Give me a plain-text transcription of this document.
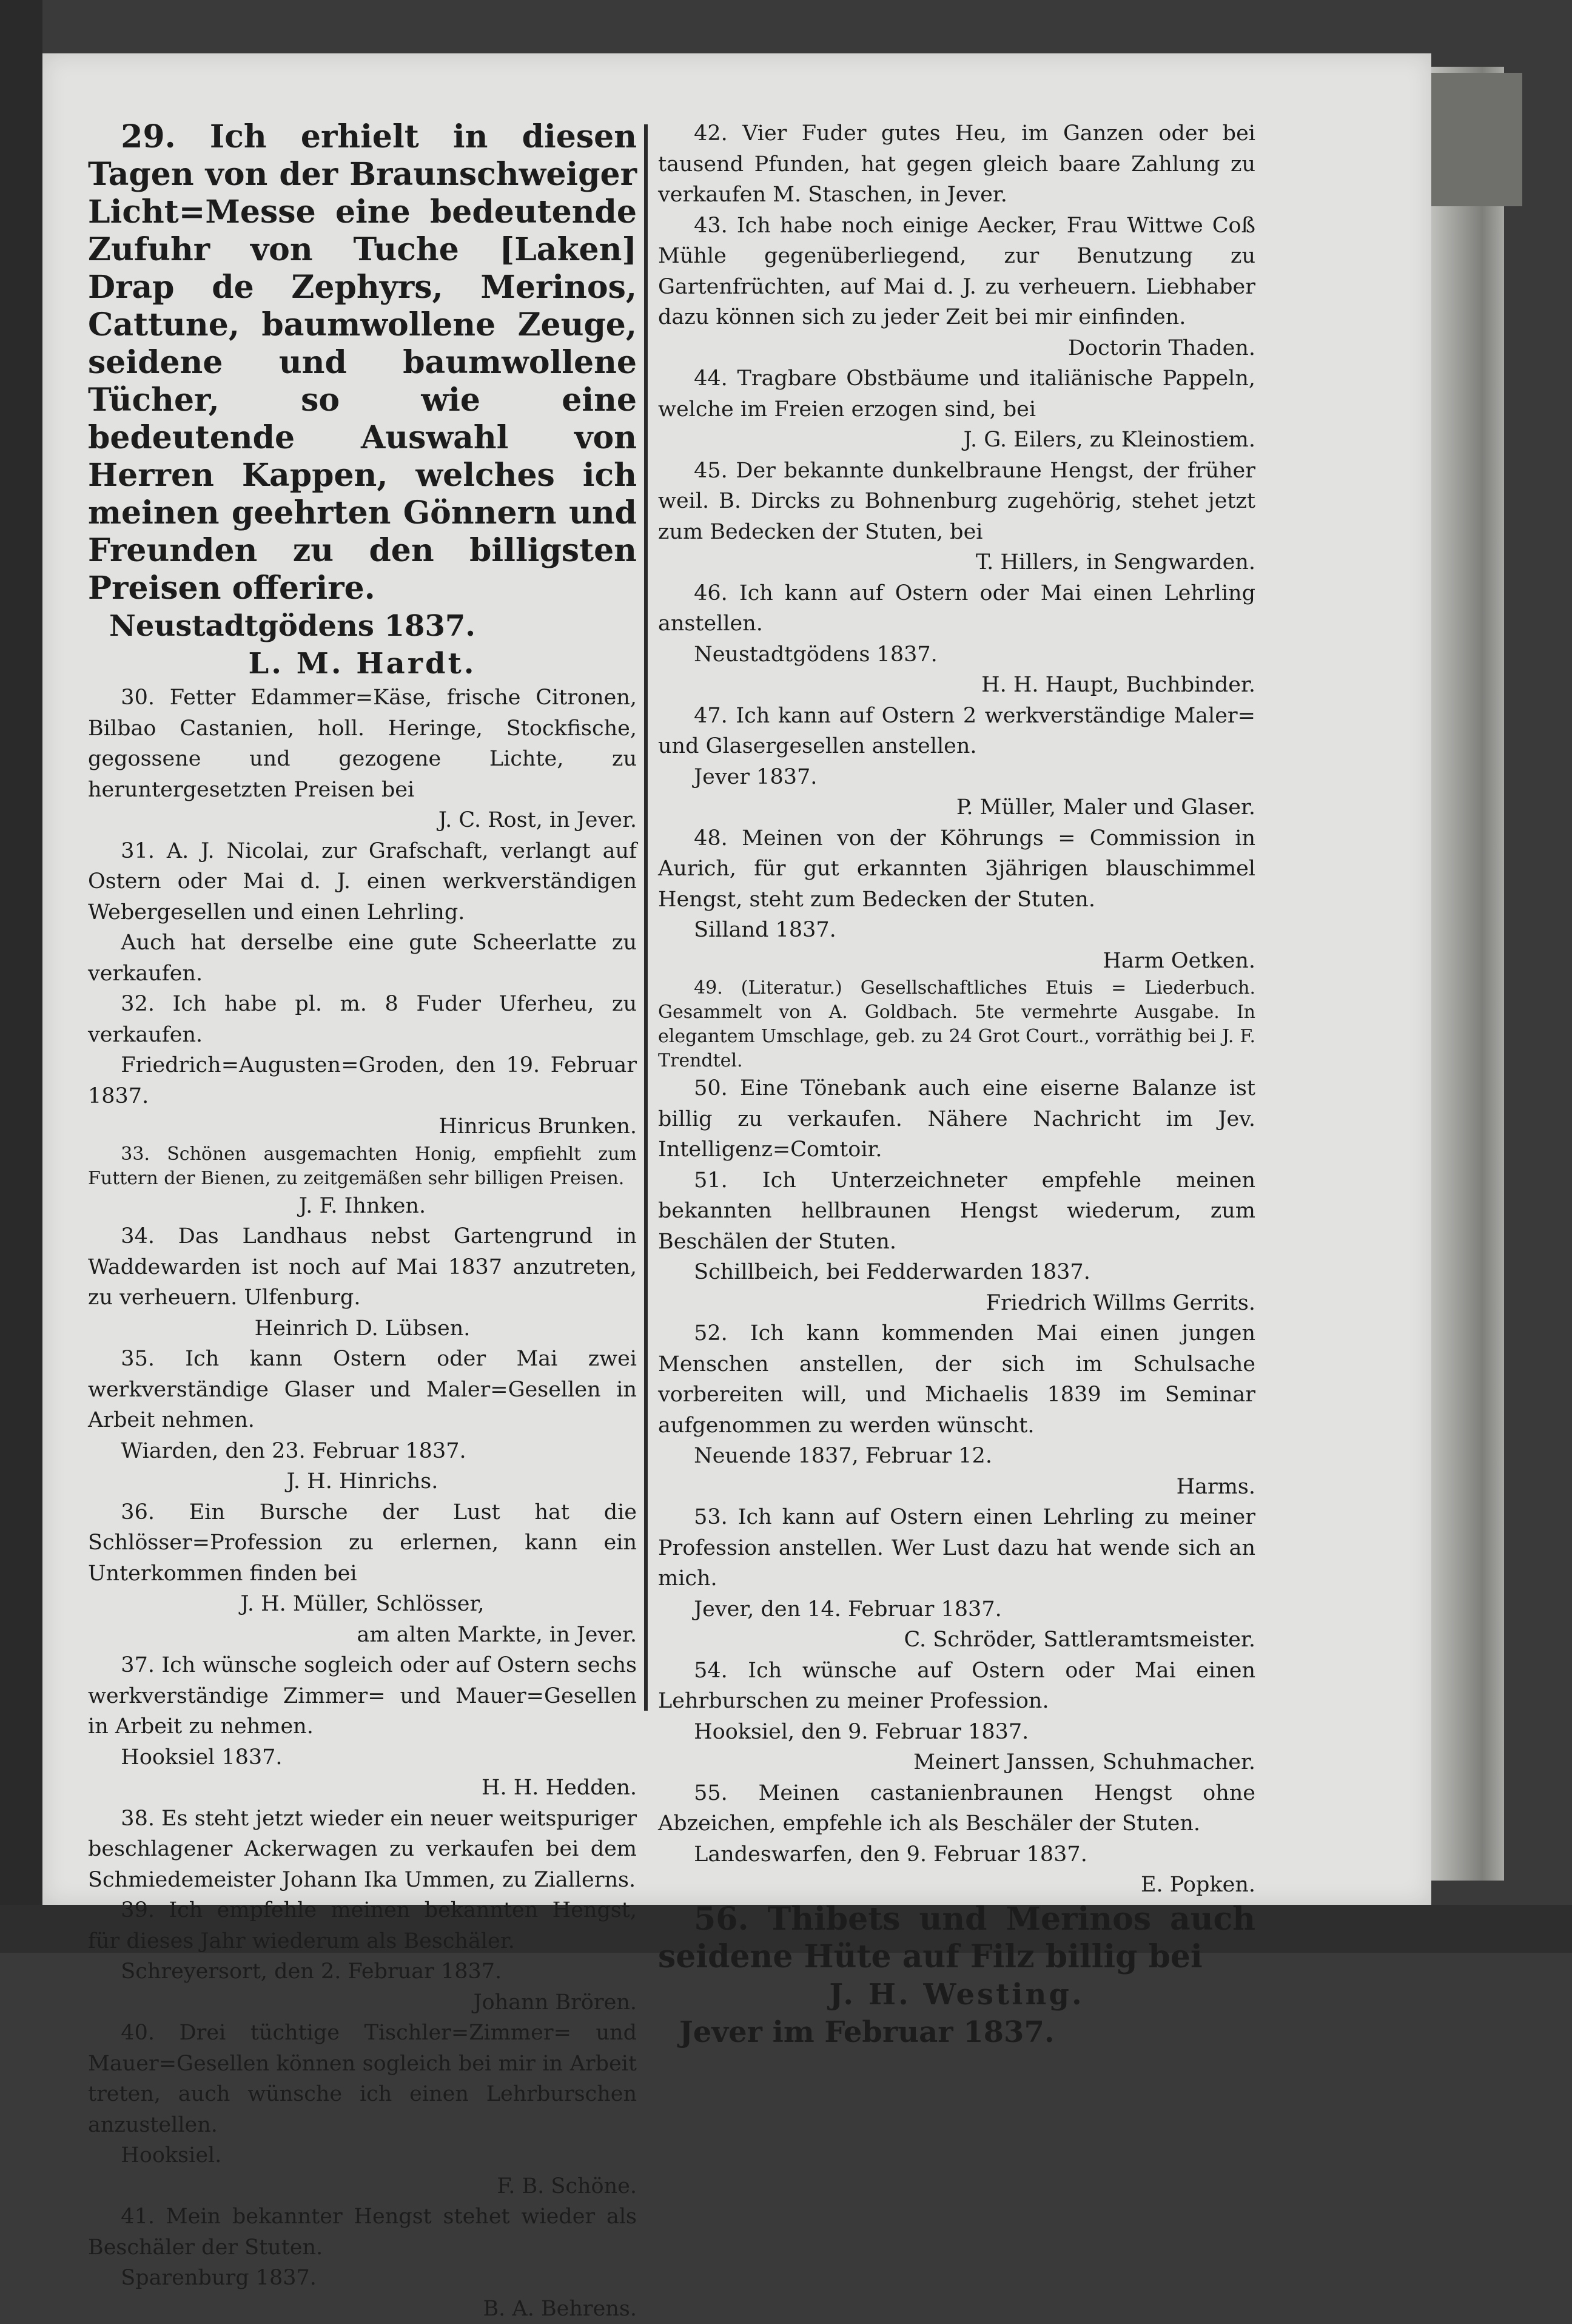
29. Ich erhielt in diesen Tagen von der Braunschweiger Licht=Messe eine bedeutende Zufuhr von Tuche [Laken] Drap de Zephyrs, Merinos, Cattune, baumwollene Zeuge, seidene und baumwollene Tücher, so wie eine bedeutende Auswahl von Herren Kappen, welches ich meinen geehrten Gönnern und Freunden zu den billigsten Preisen offerire.

Neustadtgödens 1837.

L. M. Hardt.

30. Fetter Edammer=Käse, frische Citronen, Bilbao Castanien, holl. Heringe, Stockfische, gegossene und gezogene Lichte, zu heruntergesetzten Preisen bei

J. C. Rost, in Jever.

31. A. J. Nicolai, zur Grafschaft, verlangt auf Ostern oder Mai d. J. einen werkverständigen Webergesellen und einen Lehrling.

Auch hat derselbe eine gute Scheerlatte zu verkaufen.

32. Ich habe pl. m. 8 Fuder Uferheu, zu verkaufen.

Friedrich=Augusten=Groden, den 19. Februar 1837.

Hinricus Brunken.

33. Schönen ausgemachten Honig, empfiehlt zum Futtern der Bienen, zu zeitgemäßen sehr billigen Preisen.

J. F. Ihnken.

34. Das Landhaus nebst Gartengrund in Waddewarden ist noch auf Mai 1837 anzutreten, zu verheuern. Ulfenburg.

Heinrich D. Lübsen.

35. Ich kann Ostern oder Mai zwei werkverständige Glaser und Maler=Gesellen in Arbeit nehmen.

Wiarden, den 23. Februar 1837.

J. H. Hinrichs.

36. Ein Bursche der Lust hat die Schlösser=Profession zu erlernen, kann ein Unterkommen finden bei

J. H. Müller, Schlösser,

am alten Markte, in Jever.

37. Ich wünsche sogleich oder auf Ostern sechs werkverständige Zimmer= und Mauer=Gesellen in Arbeit zu nehmen.

Hooksiel 1837.

H. H. Hedden.

38. Es steht jetzt wieder ein neuer weitspuriger beschlagener Ackerwagen zu verkaufen bei dem Schmiedemeister Johann Ika Ummen, zu Ziallerns.

39. Ich empfehle meinen bekannten Hengst, für dieses Jahr wiederum als Beschäler.

Schreyersort, den 2. Februar 1837.

Johann Brören.

40. Drei tüchtige Tischler=Zimmer= und Mauer=Gesellen können sogleich bei mir in Arbeit treten, auch wünsche ich einen Lehrburschen anzustellen.

Hooksiel.

F. B. Schöne.

41. Mein bekannter Hengst stehet wieder als Beschäler der Stuten.

Sparenburg 1837.

B. A. Behrens.

42. Vier Fuder gutes Heu, im Ganzen oder bei tausend Pfunden, hat gegen gleich baare Zahlung zu verkaufen M. Staschen, in Jever.

43. Ich habe noch einige Aecker, Frau Wittwe Coß Mühle gegenüberliegend, zur Benutzung zu Gartenfrüchten, auf Mai d. J. zu verheuern. Liebhaber dazu können sich zu jeder Zeit bei mir einfinden.

Doctorin Thaden.

44. Tragbare Obstbäume und italiänische Pappeln, welche im Freien erzogen sind, bei

J. G. Eilers, zu Kleinostiem.

45. Der bekannte dunkelbraune Hengst, der früher weil. B. Dircks zu Bohnenburg zugehörig, stehet jetzt zum Bedecken der Stuten, bei

T. Hillers, in Sengwarden.

46. Ich kann auf Ostern oder Mai einen Lehrling anstellen.

Neustadtgödens 1837.

H. H. Haupt, Buchbinder.

47. Ich kann auf Ostern 2 werkverständige Maler= und Glasergesellen anstellen.

Jever 1837.

P. Müller, Maler und Glaser.

48. Meinen von der Köhrungs = Commission in Aurich, für gut erkannten 3jährigen blauschimmel Hengst, steht zum Bedecken der Stuten.

Silland 1837.

Harm Oetken.

49. (Literatur.) Gesellschaftliches Etuis = Liederbuch. Gesammelt von A. Goldbach. 5te vermehrte Ausgabe. In elegantem Umschlage, geb. zu 24 Grot Court., vorräthig bei J. F. Trendtel.

50. Eine Tönebank auch eine eiserne Balanze ist billig zu verkaufen. Nähere Nachricht im Jev. Intelligenz=Comtoir.

51. Ich Unterzeichneter empfehle meinen bekannten hellbraunen Hengst wiederum, zum Beschälen der Stuten.

Schillbeich, bei Fedderwarden 1837.

Friedrich Willms Gerrits.

52. Ich kann kommenden Mai einen jungen Menschen anstellen, der sich im Schulsache vorbereiten will, und Michaelis 1839 im Seminar aufgenommen zu werden wünscht.

Neuende 1837, Februar 12.

Harms.

53. Ich kann auf Ostern einen Lehrling zu meiner Profession anstellen. Wer Lust dazu hat wende sich an mich.

Jever, den 14. Februar 1837.

C. Schröder, Sattleramtsmeister.

54. Ich wünsche auf Ostern oder Mai einen Lehrburschen zu meiner Profession.

Hooksiel, den 9. Februar 1837.

Meinert Janssen, Schuhmacher.

55. Meinen castanienbraunen Hengst ohne Abzeichen, empfehle ich als Beschäler der Stuten.

Landeswarfen, den 9. Februar 1837.

E. Popken.

56. Thibets und Merinos auch seidene Hüte auf Filz billig bei

J. H. Westing.

Jever im Februar 1837.
